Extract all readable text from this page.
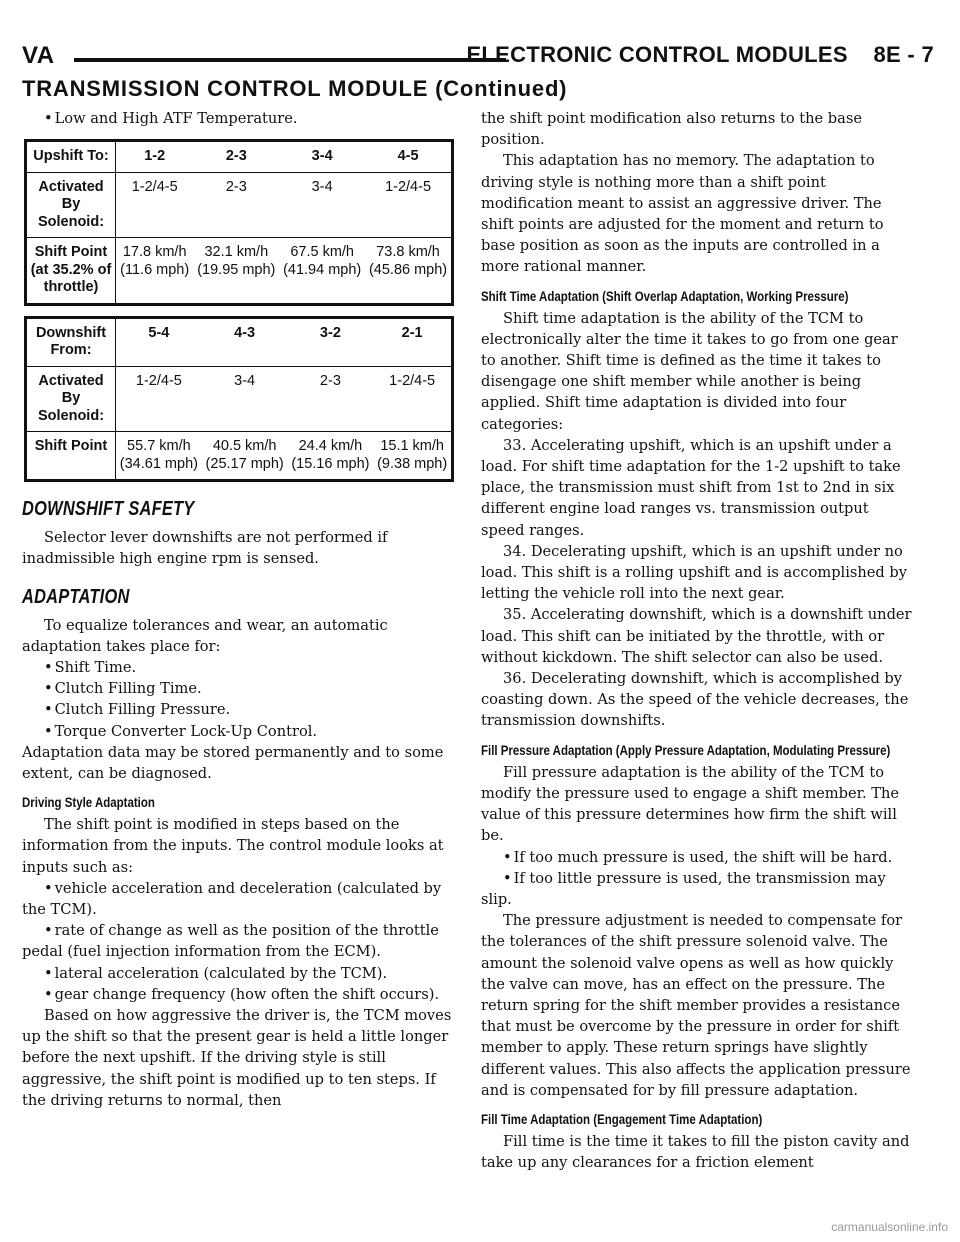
VA	ELECTRONIC CONTROL MODULES    8E - 7
TRANSMISSION CONTROL MODULE (Continued)

• Low and High ATF Temperature.

Upshift To:	1-2	2-3	3-4	4-5
Activated By Solenoid:	1-2/4-5	2-3	3-4	1-2/4-5
Shift Point (at 35.2% of throttle)	17.8 km/h (11.6 mph)	32.1 km/h (19.95 mph)	67.5 km/h (41.94 mph)	73.8 km/h (45.86 mph)
Downshift From:	5-4	4-3	3-2	2-1
Activated By Solenoid:	1-2/4-5	3-4	2-3	1-2/4-5
Shift Point	55.7 km/h (34.61 mph)	40.5 km/h (25.17 mph)	24.4 km/h (15.16 mph)	15.1 km/h (9.38 mph)
DOWNSHIFT SAFETY

Selector lever downshifts are not performed if inadmissible high engine rpm is sensed.

ADAPTATION

To equalize tolerances and wear, an automatic adaptation takes place for:

• Shift Time.

• Clutch Filling Time.

• Clutch Filling Pressure.

• Torque Converter Lock-Up Control.

Adaptation data may be stored permanently and to some extent, can be diagnosed.

Driving Style Adaptation

The shift point is modified in steps based on the information from the inputs. The control module looks at inputs such as:

• vehicle acceleration and deceleration (calculated by the TCM).

• rate of change as well as the position of the throttle pedal (fuel injection information from the ECM).

• lateral acceleration (calculated by the TCM).

• gear change frequency (how often the shift occurs).

Based on how aggressive the driver is, the TCM moves up the shift so that the present gear is held a little longer before the next upshift. If the driving style is still aggressive, the shift point is modified up to ten steps. If the driving returns to normal, then

the shift point modification also returns to the base position.

This adaptation has no memory. The adaptation to driving style is nothing more than a shift point modification meant to assist an aggressive driver. The shift points are adjusted for the moment and return to base position as soon as the inputs are controlled in a more rational manner.

Shift Time Adaptation (Shift Overlap Adaptation, Working Pressure)

Shift time adaptation is the ability of the TCM to electronically alter the time it takes to go from one gear to another. Shift time is defined as the time it takes to disengage one shift member while another is being applied. Shift time adaptation is divided into four categories:

33. Accelerating upshift, which is an upshift under a load. For shift time adaptation for the 1-2 upshift to take place, the transmission must shift from 1st to 2nd in six different engine load ranges vs. transmission output speed ranges.

34. Decelerating upshift, which is an upshift under no load. This shift is a rolling upshift and is accomplished by letting the vehicle roll into the next gear.

35. Accelerating downshift, which is a downshift under load. This shift can be initiated by the throttle, with or without kickdown. The shift selector can also be used.

36. Decelerating downshift, which is accomplished by coasting down. As the speed of the vehicle decreases, the transmission downshifts.

Fill Pressure Adaptation (Apply Pressure Adaptation, Modulating Pressure)

Fill pressure adaptation is the ability of the TCM to modify the pressure used to engage a shift member. The value of this pressure determines how firm the shift will be.

• If too much pressure is used, the shift will be hard.

• If too little pressure is used, the transmission may slip.

The pressure adjustment is needed to compensate for the tolerances of the shift pressure solenoid valve. The amount the solenoid valve opens as well as how quickly the valve can move, has an effect on the pressure. The return spring for the shift member provides a resistance that must be overcome by the pressure in order for shift member to apply. These return springs have slightly different values. This also affects the application pressure and is compensated for by fill pressure adaptation.

Fill Time Adaptation (Engagement Time Adaptation)

Fill time is the time it takes to fill the piston cavity and take up any clearances for a friction element

carmanualsonline.info
